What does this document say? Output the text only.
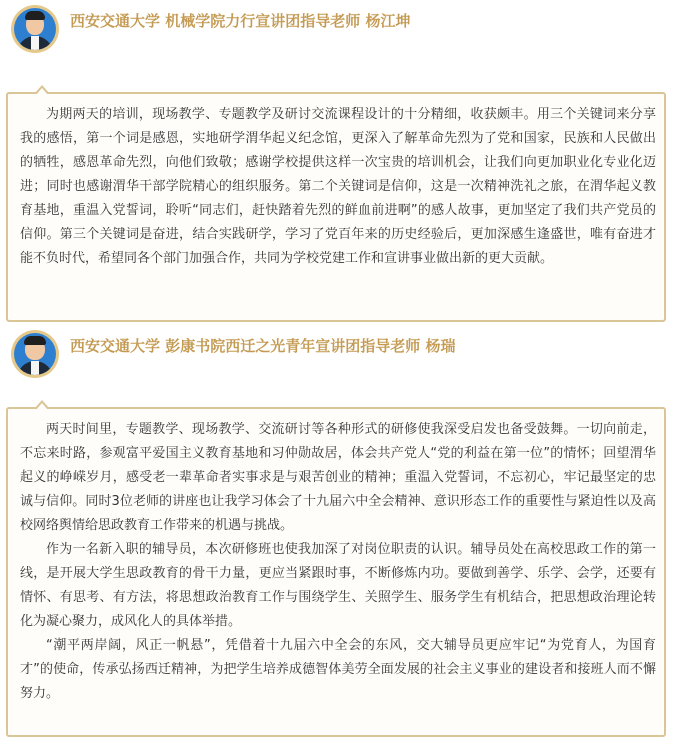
西安交通大学 机械学院力行宣讲团指导老师 杨江坤

为期两天的培训，现场教学、专题教学及研讨交流课程设计的十分精细，收获颇丰。用三个关键词来分享我的感悟，第一个词是感恩，实地研学渭华起义纪念馆，更深入了解革命先烈为了党和国家，民族和人民做出的牺牲，感恩革命先烈，向他们致敬；感谢学校提供这样一次宝贵的培训机会，让我们向更加职业化专业化迈进；同时也感谢渭华干部学院精心的组织服务。第二个关键词是信仰，这是一次精神洗礼之旅，在渭华起义教育基地，重温入党誓词，聆听“同志们，赶快踏着先烈的鲜血前进啊”的感人故事，更加坚定了我们共产党员的信仰。第三个关键词是奋进，结合实践研学，学习了党百年来的历史经验后，更加深感生逢盛世，唯有奋进才能不负时代，希望同各个部门加强合作，共同为学校党建工作和宣讲事业做出新的更大贡献。

西安交通大学 彭康书院西迁之光青年宣讲团指导老师 杨瑞

两天时间里，专题教学、现场教学、交流研讨等各种形式的研修使我深受启发也备受鼓舞。一切向前走，不忘来时路，参观富平爱国主义教育基地和习仲勋故居，体会共产党人“党的利益在第一位”的情怀；回望渭华起义的峥嵘岁月，感受老一辈革命者实事求是与艰苦创业的精神；重温入党誓词，不忘初心，牢记最坚定的忠诚与信仰。同时3位老师的讲座也让我学习体会了十九届六中全会精神、意识形态工作的重要性与紧迫性以及高校网络舆情给思政教育工作带来的机遇与挑战。

作为一名新入职的辅导员，本次研修班也使我加深了对岗位职责的认识。辅导员处在高校思政工作的第一线，是开展大学生思政教育的骨干力量，更应当紧跟时事，不断修炼内功。要做到善学、乐学、会学，还要有情怀、有思考、有方法，将思想政治教育工作与围绕学生、关照学生、服务学生有机结合，把思想政治理论转化为凝心聚力，成风化人的具体举措。

“潮平两岸阔，风正一帆悬”，凭借着十九届六中全会的东风，交大辅导员更应牢记“为党育人，为国育才”的使命，传承弘扬西迁精神，为把学生培养成德智体美劳全面发展的社会主义事业的建设者和接班人而不懈努力。
